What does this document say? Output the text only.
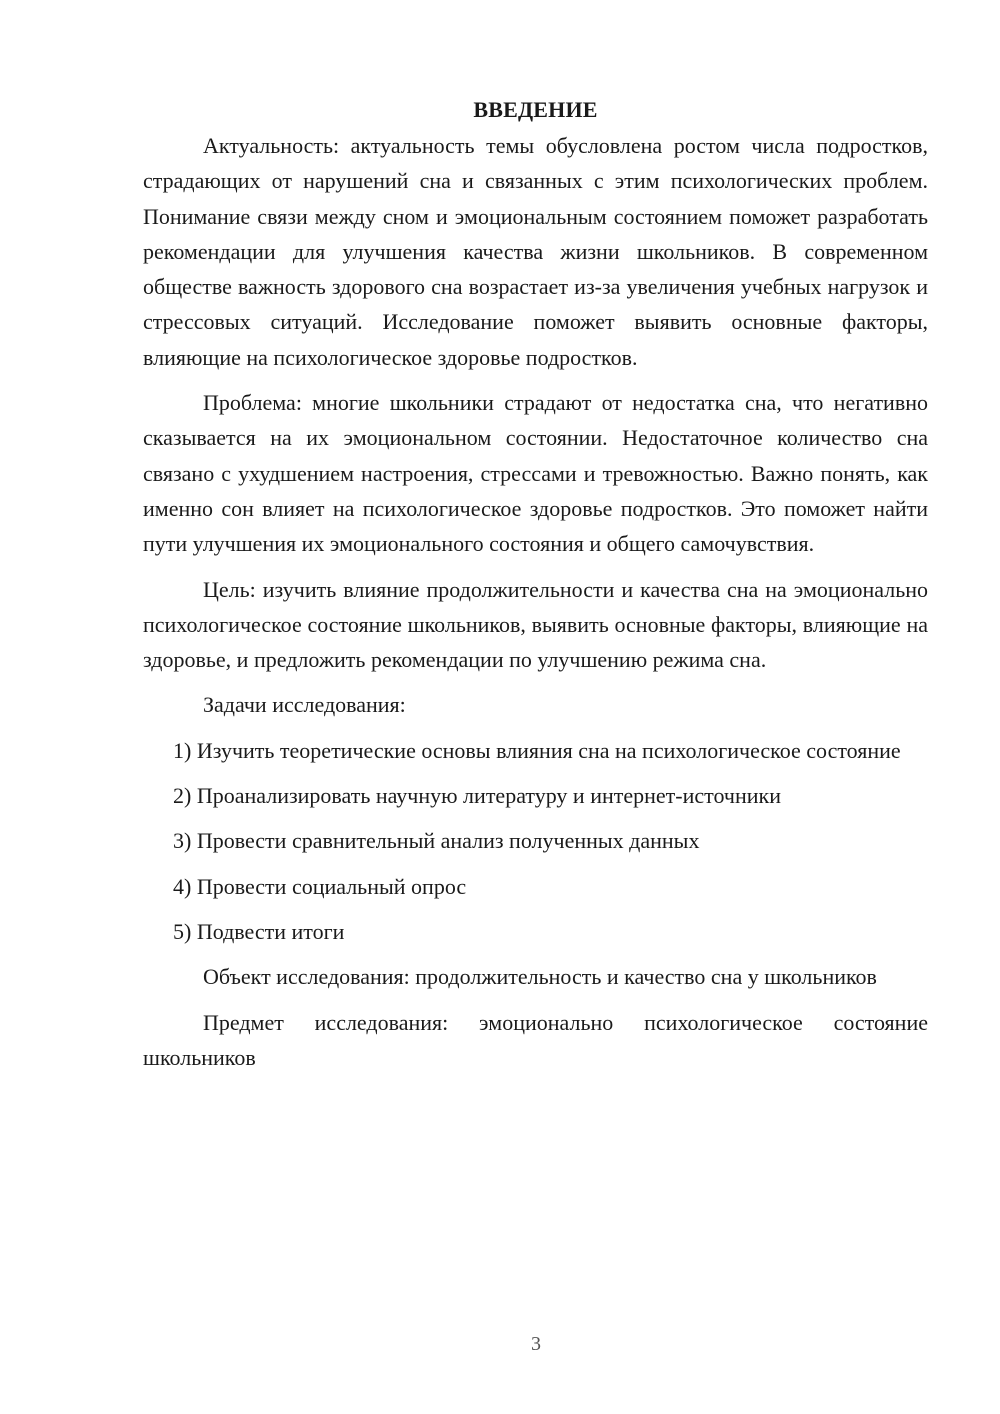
ВВЕДЕНИЕ

Актуальность: актуальность темы обусловлена ростом числа подростков, страдающих от нарушений сна и связанных с этим психологических проблем. Понимание связи между сном и эмоциональным состоянием поможет разработать рекомендации для улучшения качества жизни школьников. В современном обществе важность здорового сна возрастает из-за увеличения учебных нагрузок и стрессовых ситуаций. Исследование поможет выявить основные факторы, влияющие на психологическое здоровье подростков.

Проблема: многие школьники страдают от недостатка сна, что негативно сказывается на их эмоциональном состоянии. Недостаточное количество сна связано с ухудшением настроения, стрессами и тревожностью. Важно понять, как именно сон влияет на психологическое здоровье подростков. Это поможет найти пути улучшения их эмоционального состояния и общего самочувствия.

Цель: изучить влияние продолжительности и качества сна на эмоционально психологическое состояние школьников, выявить основные факторы, влияющие на здоровье, и предложить рекомендации по улучшению режима сна.

Задачи исследования:

1) Изучить теоретические основы влияния сна на психологическое состояние

2) Проанализировать научную литературу и интернет-источники

3) Провести сравнительный анализ полученных данных

4) Провести социальный опрос

5) Подвести итоги

Объект исследования: продолжительность и качество сна у школьников

Предмет исследования: эмоционально психологическое состояние школьников

3
